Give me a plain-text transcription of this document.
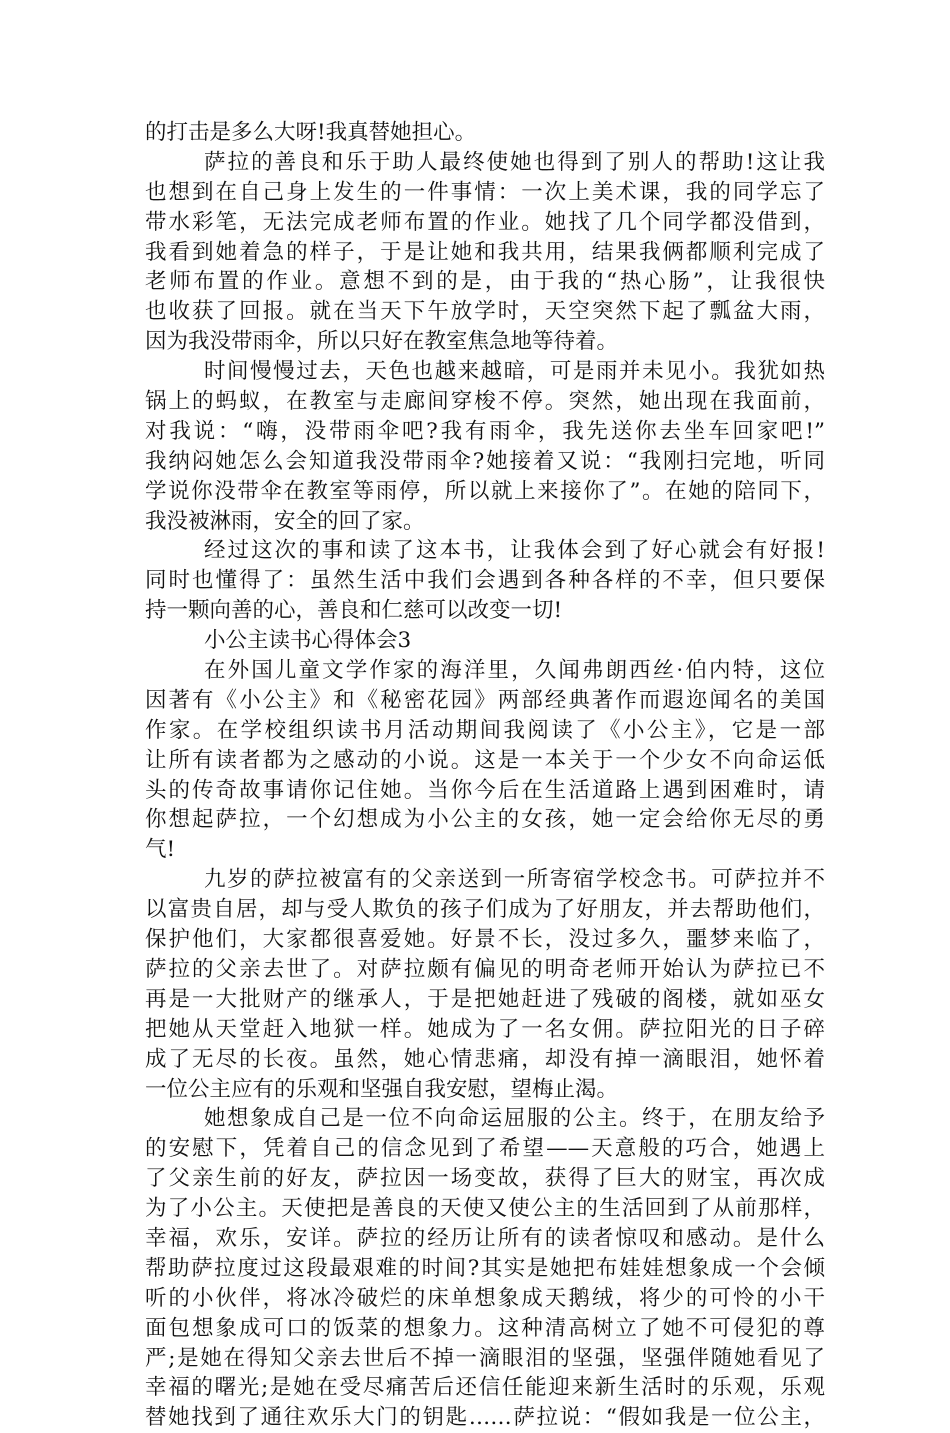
的打击是多么大呀!我真替她担心。
萨拉的善良和乐于助人最终使她也得到了别人的帮助!这让我
也想到在自己身上发生的一件事情：一次上美术课，我的同学忘了
带水彩笔，无法完成老师布置的作业。她找了几个同学都没借到，
我看到她着急的样子，于是让她和我共用，结果我俩都顺利完成了
老师布置的作业。意想不到的是，由于我的“热心肠”，让我很快
也收获了回报。就在当天下午放学时，天空突然下起了瓢盆大雨，
因为我没带雨伞，所以只好在教室焦急地等待着。
时间慢慢过去，天色也越来越暗，可是雨并未见小。我犹如热
锅上的蚂蚁，在教室与走廊间穿梭不停。突然，她出现在我面前，
对我说：“嗨，没带雨伞吧?我有雨伞，我先送你去坐车回家吧!”
我纳闷她怎么会知道我没带雨伞?她接着又说：“我刚扫完地，听同
学说你没带伞在教室等雨停，所以就上来接你了”。在她的陪同下，
我没被淋雨，安全的回了家。
经过这次的事和读了这本书，让我体会到了好心就会有好报!
同时也懂得了：虽然生活中我们会遇到各种各样的不幸，但只要保
持一颗向善的心，善良和仁慈可以改变一切!
小公主读书心得体会3
在外国儿童文学作家的海洋里，久闻弗朗西丝·伯内特，这位
因著有《小公主》和《秘密花园》两部经典著作而遐迩闻名的美国
作家。在学校组织读书月活动期间我阅读了《小公主》，它是一部
让所有读者都为之感动的小说。这是一本关于一个少女不向命运低
头的传奇故事请你记住她。当你今后在生活道路上遇到困难时，请
你想起萨拉，一个幻想成为小公主的女孩，她一定会给你无尽的勇
气!
九岁的萨拉被富有的父亲送到一所寄宿学校念书。可萨拉并不
以富贵自居，却与受人欺负的孩子们成为了好朋友，并去帮助他们，
保护他们，大家都很喜爱她。好景不长，没过多久，噩梦来临了，
萨拉的父亲去世了。对萨拉颇有偏见的明奇老师开始认为萨拉已不
再是一大批财产的继承人，于是把她赶进了残破的阁楼，就如巫女
把她从天堂赶入地狱一样。她成为了一名女佣。萨拉阳光的日子碎
成了无尽的长夜。虽然，她心情悲痛，却没有掉一滴眼泪，她怀着
一位公主应有的乐观和坚强自我安慰，望梅止渴。
她想象成自己是一位不向命运屈服的公主。终于，在朋友给予
的安慰下，凭着自己的信念见到了希望——天意般的巧合，她遇上
了父亲生前的好友，萨拉因一场变故，获得了巨大的财宝，再次成
为了小公主。天使把是善良的天使又使公主的生活回到了从前那样，
幸福，欢乐，安详。萨拉的经历让所有的读者惊叹和感动。是什么
帮助萨拉度过这段最艰难的时间?其实是她把布娃娃想象成一个会倾
听的小伙伴，将冰冷破烂的床单想象成天鹅绒，将少的可怜的小干
面包想象成可口的饭菜的想象力。这种清高树立了她不可侵犯的尊
严;是她在得知父亲去世后不掉一滴眼泪的坚强，坚强伴随她看见了
幸福的曙光;是她在受尽痛苦后还信任能迎来新生活时的乐观，乐观
替她找到了通往欢乐大门的钥匙……萨拉说：“假如我是一位公主，
